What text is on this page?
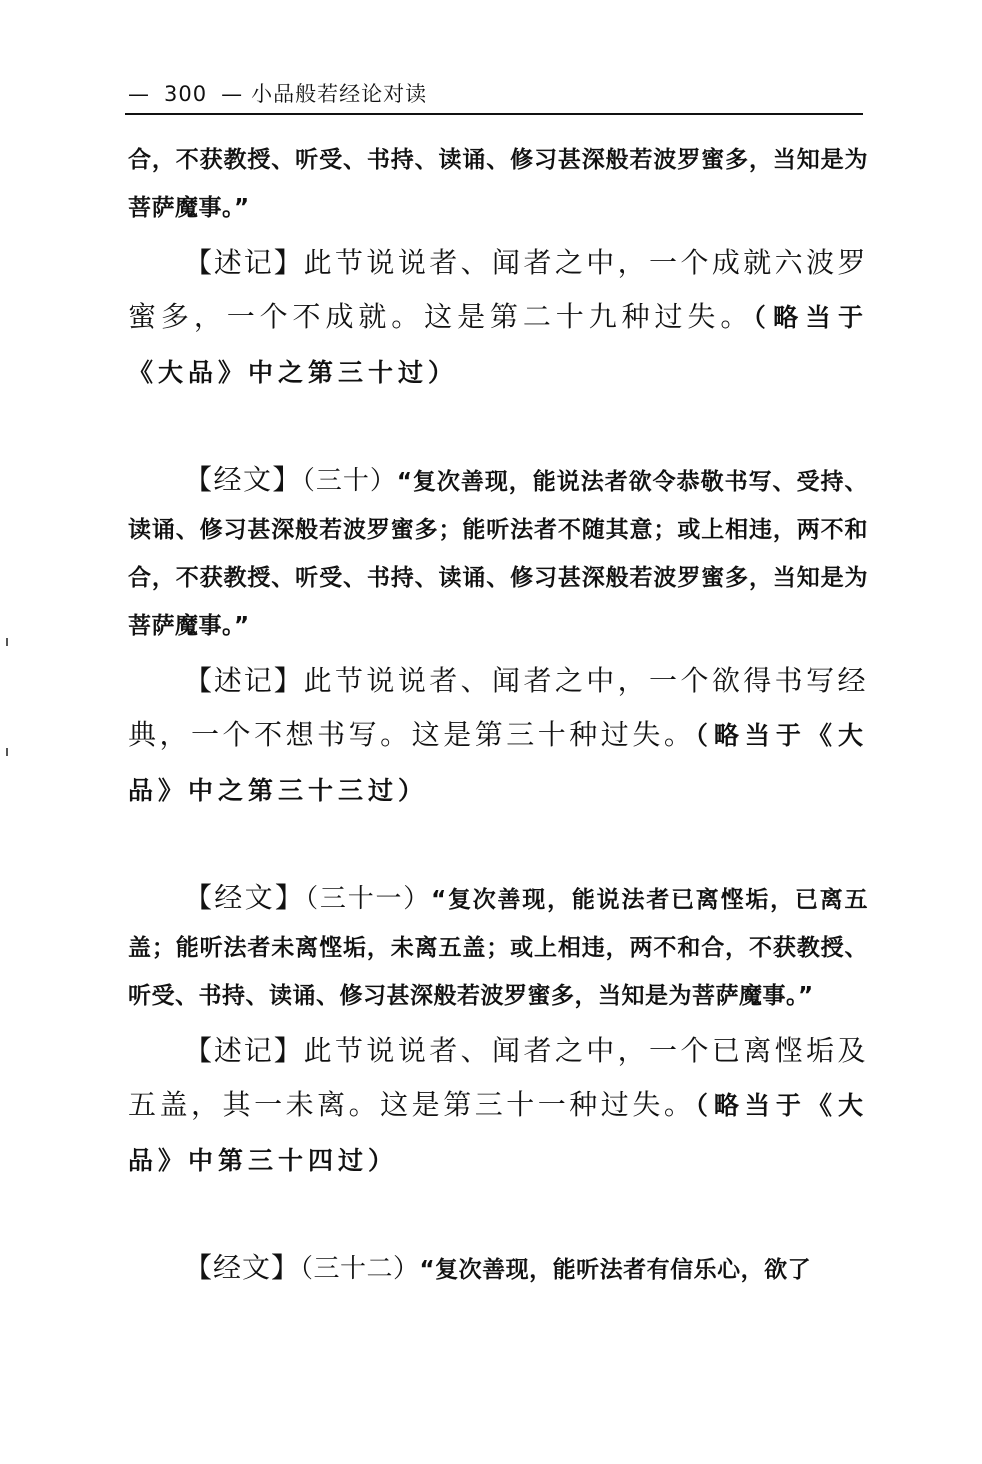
— 300 — 小品般若经论对读

合，不获教授、听受、书持、读诵、修习甚深般若波罗蜜多，当知是为菩萨魔事。”

【述记】此节说说者、闻者之中，一个成就六波罗蜜多，一个不成就。这是第二十九种过失。（略当于《大品》中之第三十过）

【经文】（三十）“复次善现，能说法者欲令恭敬书写、受持、读诵、修习甚深般若波罗蜜多；能听法者不随其意；或上相违，两不和合，不获教授、听受、书持、读诵、修习甚深般若波罗蜜多，当知是为菩萨魔事。”

【述记】此节说说者、闻者之中，一个欲得书写经典，一个不想书写。这是第三十种过失。（略当于《大品》中之第三十三过）

【经文】（三十一）“复次善现，能说法者已离悭垢，已离五盖；能听法者未离悭垢，未离五盖；或上相违，两不和合，不获教授、听受、书持、读诵、修习甚深般若波罗蜜多，当知是为菩萨魔事。”

【述记】此节说说者、闻者之中，一个已离悭垢及五盖，其一未离。这是第三十一种过失。（略当于《大品》中第三十四过）

【经文】（三十二）“复次善现，能听法者有信乐心，欲了
